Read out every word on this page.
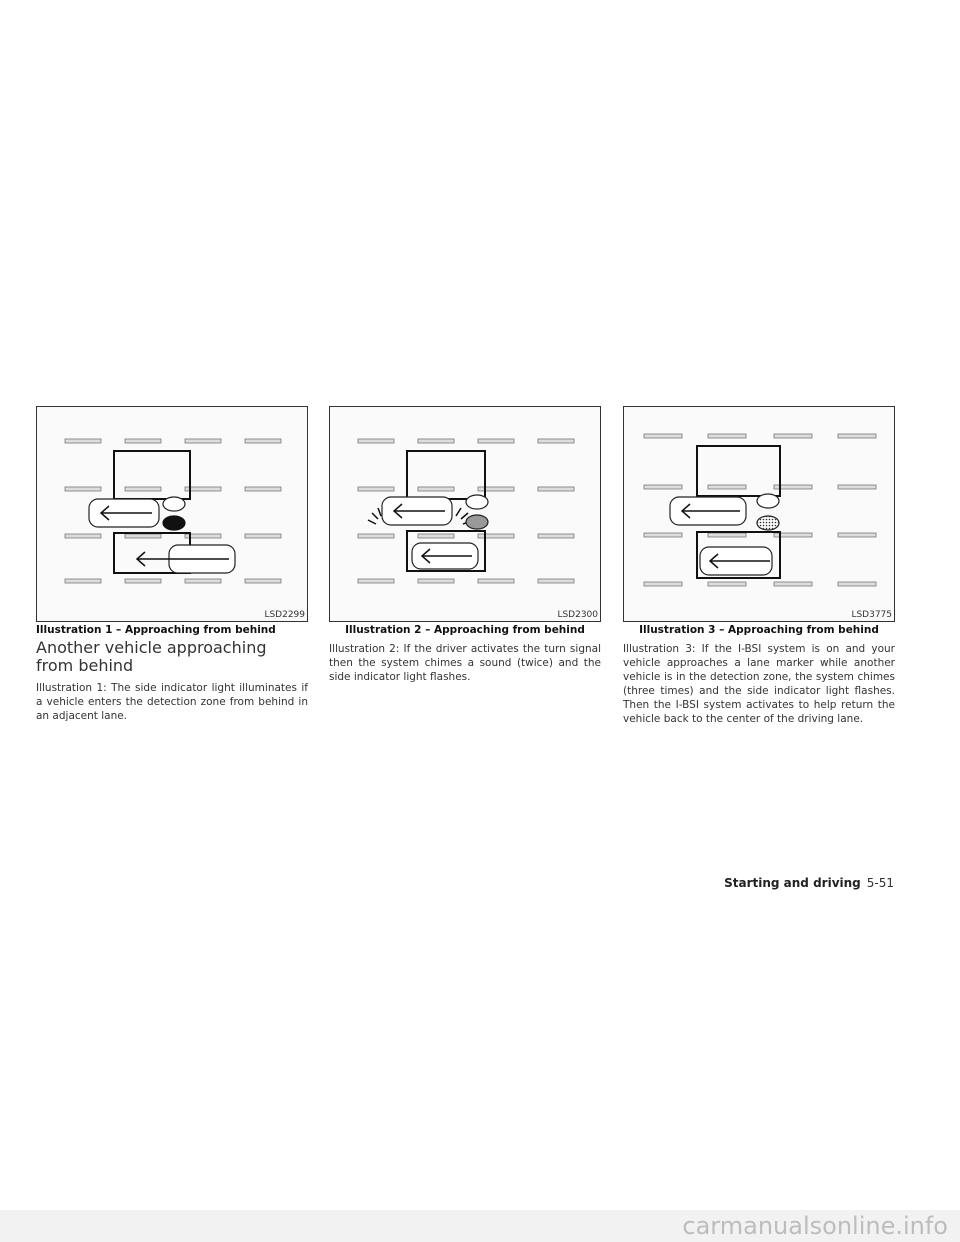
LSD2299
Illustration 1 – Approaching from behind
Another vehicle approaching from behind

Illustration 1: The side indicator light illuminates if a vehicle enters the detection zone from behind in an adjacent lane.

LSD2300
Illustration 2 – Approaching from behind

Illustration 2: If the driver activates the turn signal then the system chimes a sound (twice) and the side indicator light flashes.

LSD3775
Illustration 3 – Approaching from behind

Illustration 3: If the I-BSI system is on and your vehicle approaches a lane marker while another vehicle is in the detection zone, the system chimes (three times) and the side indicator light flashes. Then the I-BSI system activates to help return the vehicle back to the center of the driving lane.

Starting and driving 5-51
carmanualsonline.info
